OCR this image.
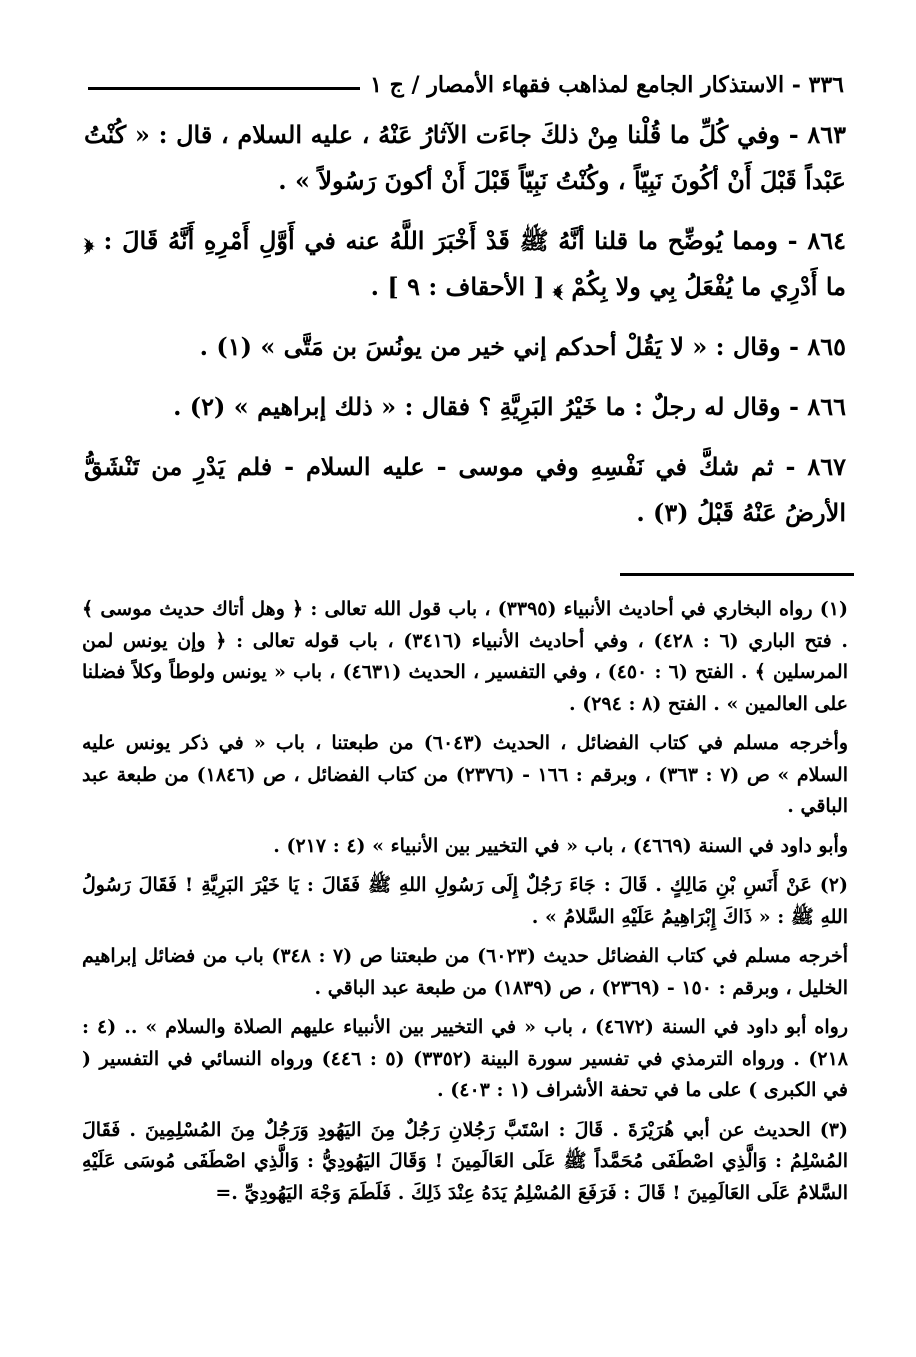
٣٣٦ - الاستذكار الجامع لمذاهب فقهاء الأمصار / ج ١

٨٦٣ - وفي كُلِّ ما قُلْنا مِنْ ذلكَ جاءَت الآثارُ عَنْهُ ، عليه السلام ، قال : « كُنْتُ عَبْداً قَبْلَ أَنْ أكُونَ نَبِيّاً ، وكُنْتُ نَبِيّاً قَبْلَ أَنْ أكونَ رَسُولاً » .

٨٦٤ - ومما يُوضِّح ما قلنا أنَّهُ ﷺ قَدْ أَخْبَرَ اللَّهُ عنه في أَوَّلِ أَمْرِهِ أَنَّهُ قَالَ : ﴿ ما أَدْرِي ما يُفْعَلُ بِي ولا بِكُمْ ﴾ [ الأحقاف : ٩ ] .

٨٦٥ - وقال : « لا يَقُلْ أحدكم إني خير من يونُسَ بن مَتَّى » (١) .

٨٦٦ - وقال له رجلٌ : ما خَيْرُ البَرِيَّةِ ؟ فقال : « ذلك إبراهيم » (٢) .

٨٦٧ - ثم شكَّ في نَفْسِهِ وفي موسى - عليه السلام - فلم يَدْرِ من تَنْشَقُّ الأرضُ عَنْهُ قَبْلُ (٣) .

(١) رواه البخاري في أحاديث الأنبياء (٣٣٩٥) ، باب قول الله تعالى : ﴿ وهل أتاك حديث موسى ﴾ . فتح الباري (٦ : ٤٢٨) ، وفي أحاديث الأنبياء (٣٤١٦) ، باب قوله تعالى : ﴿ وإن يونس لمن المرسلين ﴾ . الفتح (٦ : ٤٥٠) ، وفي التفسير ، الحديث (٤٦٣١) ، باب « يونس ولوطاً وكلاً فضلنا على العالمين » . الفتح (٨ : ٢٩٤) .

وأخرجه مسلم في كتاب الفضائل ، الحديث (٦٠٤٣) من طبعتنا ، باب « في ذكر يونس عليه السلام » ص (٧ : ٣٦٣) ، وبرقم : ١٦٦ - (٢٣٧٦) من كتاب الفضائل ، ص (١٨٤٦) من طبعة عبد الباقي .

وأبو داود في السنة (٤٦٦٩) ، باب « في التخيير بين الأنبياء » (٤ : ٢١٧) .

(٢) عَنْ أَنَسِ بْنِ مَالِكٍ . قَالَ : جَاءَ رَجُلٌ إِلَى رَسُولِ اللهِ ﷺ فَقَالَ : يَا خَيْرَ البَرِيَّةِ ! فَقَالَ رَسُولُ اللهِ ﷺ : « ذَاكَ إِبْرَاهِيمُ عَلَيْهِ السَّلامُ » .

أخرجه مسلم في كتاب الفضائل حديث (٦٠٢٣) من طبعتنا ص (٧ : ٣٤٨) باب من فضائل إبراهيم الخليل ، وبرقم : ١٥٠ - (٢٣٦٩) ، ص (١٨٣٩) من طبعة عبد الباقي .

رواه أبو داود في السنة (٤٦٧٢) ، باب « في التخيير بين الأنبياء عليهم الصلاة والسلام » .. (٤ : ٢١٨) . ورواه الترمذي في تفسير سورة البينة (٣٣٥٢) (٥ : ٤٤٦) ورواه النسائي في التفسير ( في الكبرى ) على ما في تحفة الأشراف (١ : ٤٠٣) .

(٣) الحديث عن أبي هُرَيْرَةَ . قَالَ : اسْتَبَّ رَجُلانِ رَجُلٌ مِنَ اليَهُودِ وَرَجُلٌ مِنَ المُسْلِمِينَ . فَقَالَ المُسْلِمُ : وَالَّذِي اصْطَفَى مُحَمَّداً ﷺ عَلَى العَالَمِينَ ! وَقَالَ اليَهُودِيُّ : وَالَّذِي اصْطَفَى مُوسَى عَلَيْهِ السَّلامُ عَلَى العَالَمِينَ ! قَالَ : فَرَفَعَ المُسْلِمُ يَدَهُ عِنْدَ ذَلِكَ . فَلَطَمَ وَجْهَ اليَهُودِيِّ .=
